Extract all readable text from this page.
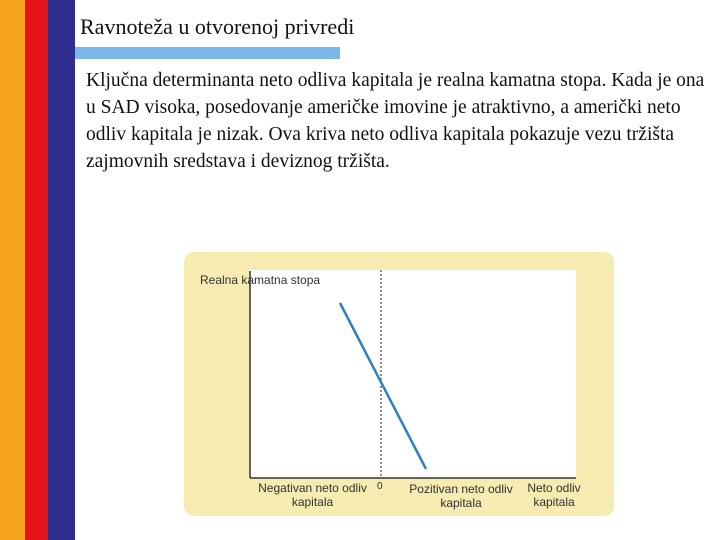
Ravnoteža u otvorenoj privredi
Ključna determinanta neto odliva kapitala je realna kamatna stopa. Kada je ona u SAD visoka, posedovanje američke imovine je atraktivno, a američki neto odliv kapitala je nizak. Ova kriva neto odliva kapitala pokazuje vezu tržišta zajmovnih sredstava i deviznog tržišta.
Realna kamatna stopa
0
Negativan neto odliv kapitala
Pozitivan neto odliv kapitala
Neto odliv kapitala
